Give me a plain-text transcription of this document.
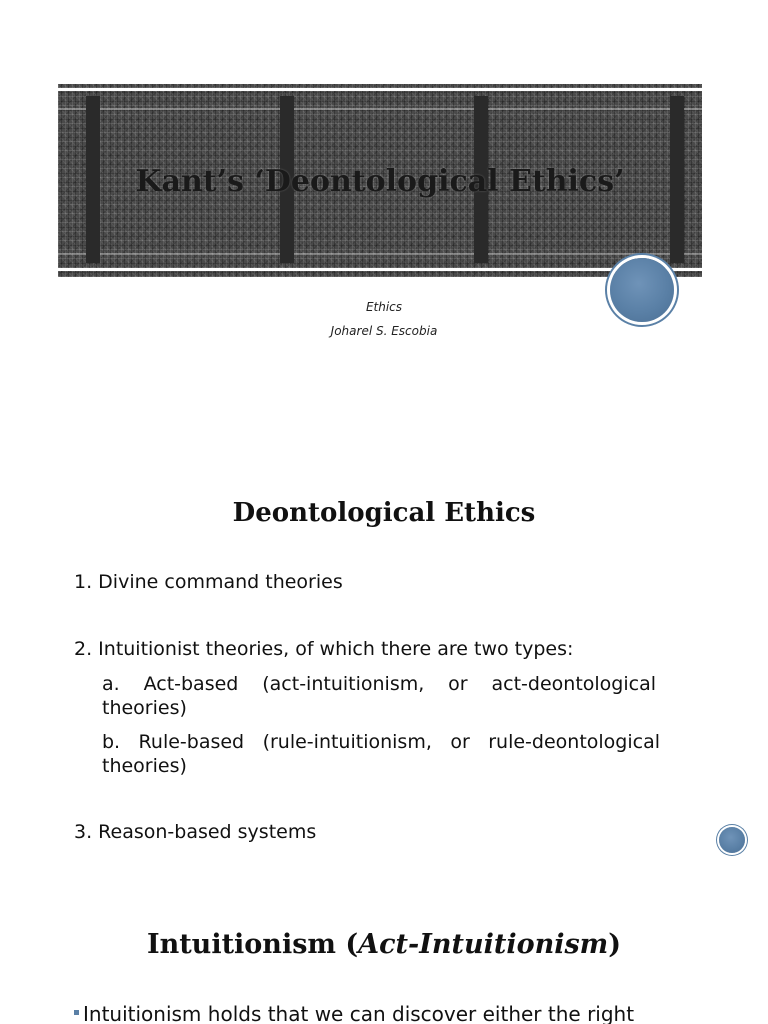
Kant’s ‘Deontological Ethics’
Ethics
Joharel S. Escobia
Deontological Ethics
1. Divine command theories
2. Intuitionist theories, of which there are two types:
a. Act-based (act-intuitionism, or act-deontological theories)
b. Rule-based (rule-intuitionism, or rule-deontological theories)
3. Reason-based systems
Intuitionism (Act-Intuitionism)
Intuitionism holds that we can discover either the right
